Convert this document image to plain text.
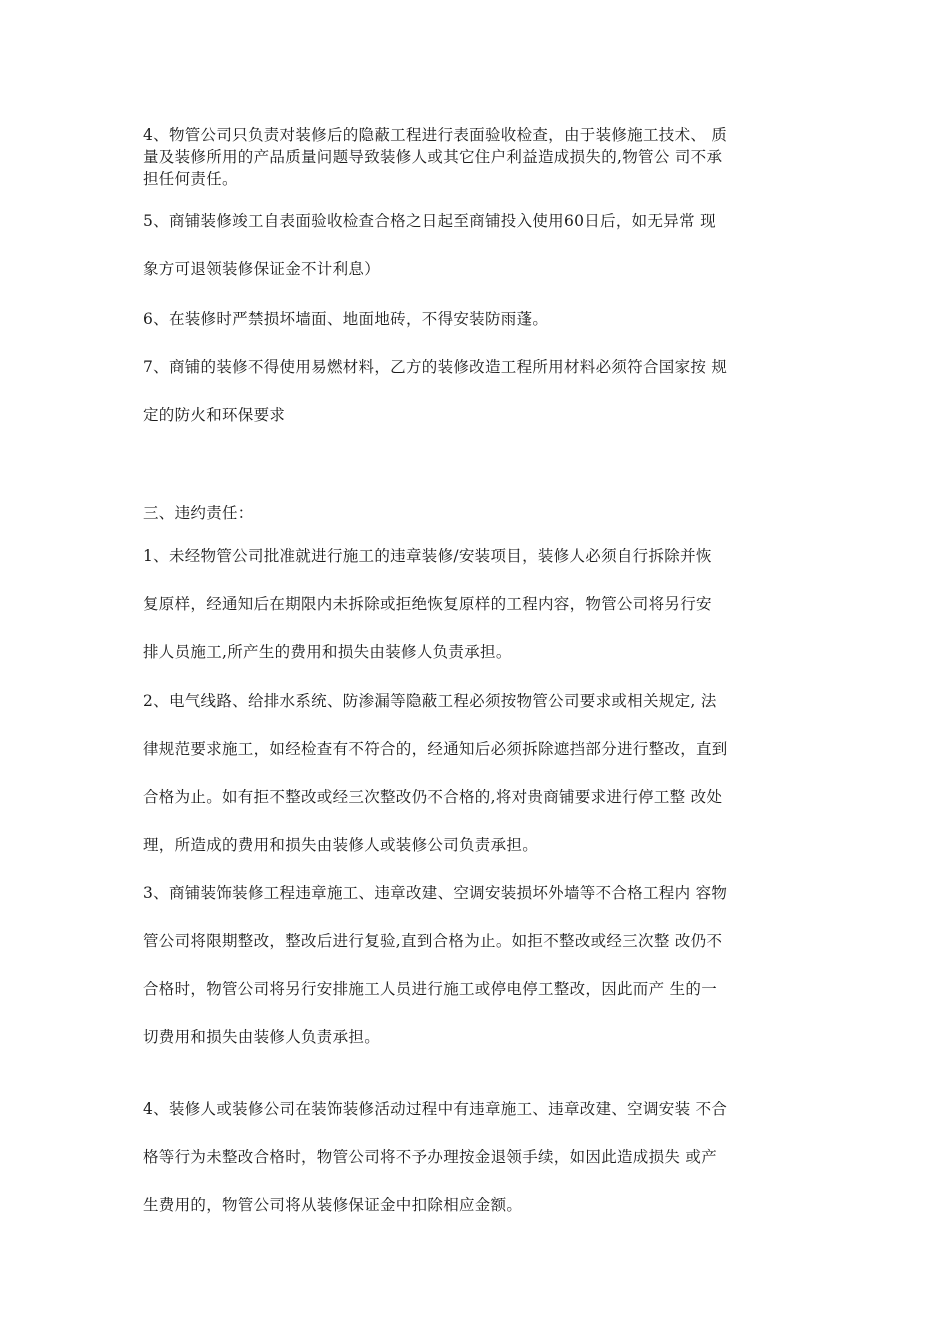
4、物管公司只负责对装修后的隐蔽工程进行表面验收检查，由于装修施工技术、 质
量及装修所用的产品质量问题导致装修人或其它住户利益造成损失的,物管公 司不承
担任何责任。

5、商铺装修竣工自表面验收检查合格之日起至商铺投入使用60日后，如无异常 现
象方可退领装修保证金不计利息）

6、在装修时严禁损坏墙面、地面地砖，不得安装防雨蓬。

7、商铺的装修不得使用易燃材料，乙方的装修改造工程所用材料必须符合国家按 规
定的防火和环保要求

三、违约责任：

1、未经物管公司批准就进行施工的违章装修/安装项目，装修人必须自行拆除并恢
复原样，经通知后在期限内未拆除或拒绝恢复原样的工程内容，物管公司将另行安
排人员施工,所产生的费用和损失由装修人负责承担。

2、电气线路、给排水系统、防渗漏等隐蔽工程必须按物管公司要求或相关规定, 法
律规范要求施工，如经检查有不符合的，经通知后必须拆除遮挡部分进行整改，直到
合格为止。如有拒不整改或经三次整改仍不合格的,将对贵商铺要求进行停工整 改处
理，所造成的费用和损失由装修人或装修公司负责承担。

3、商铺装饰装修工程违章施工、违章改建、空调安装损坏外墙等不合格工程内 容物
管公司将限期整改，整改后进行复验,直到合格为止。如拒不整改或经三次整 改仍不
合格时，物管公司将另行安排施工人员进行施工或停电停工整改，因此而产 生的一
切费用和损失由装修人负责承担。

4、装修人或装修公司在装饰装修活动过程中有违章施工、违章改建、空调安装 不合
格等行为未整改合格时，物管公司将不予办理按金退领手续，如因此造成损失 或产
生费用的，物管公司将从装修保证金中扣除相应金额。
